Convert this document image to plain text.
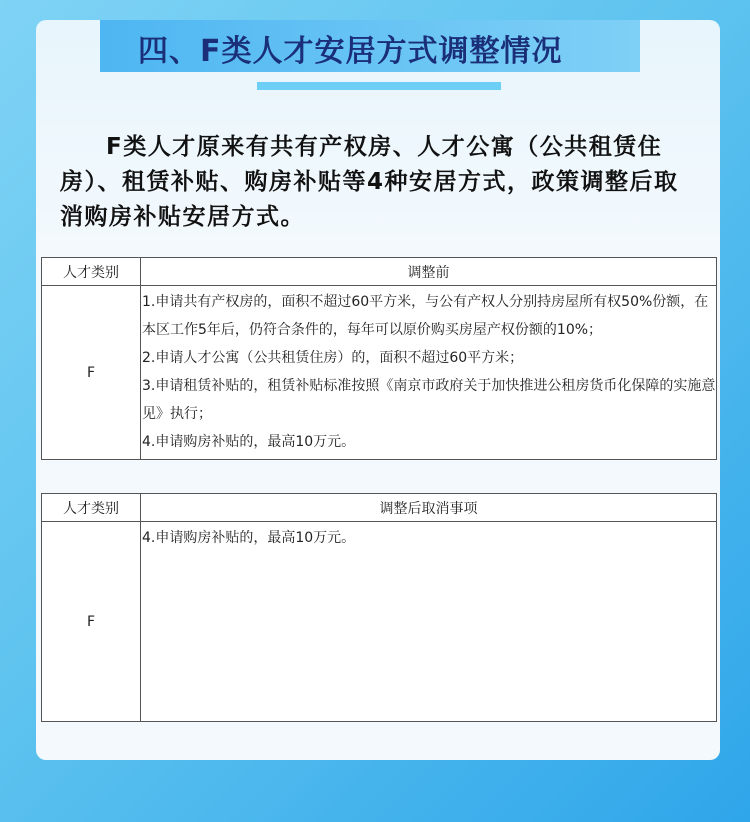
四、F类人才安居方式调整情况

F类人才原来有共有产权房、人才公寓（公共租赁住房）、租赁补贴、购房补贴等4种安居方式，政策调整后取消购房补贴安居方式。

人才类别	调整前
F	1.申请共有产权房的，面积不超过60平方米，与公有产权人分别持房屋所有权50%份额，在本区工作5年后，仍符合条件的，每年可以原价购买房屋产权份额的10%；
2.申请人才公寓（公共租赁住房）的，面积不超过60平方米；
3.申请租赁补贴的，租赁补贴标准按照《南京市政府关于加快推进公租房货币化保障的实施意见》执行；
4.申请购房补贴的，最高10万元。
人才类别	调整后取消事项
F	4.申请购房补贴的，最高10万元。
